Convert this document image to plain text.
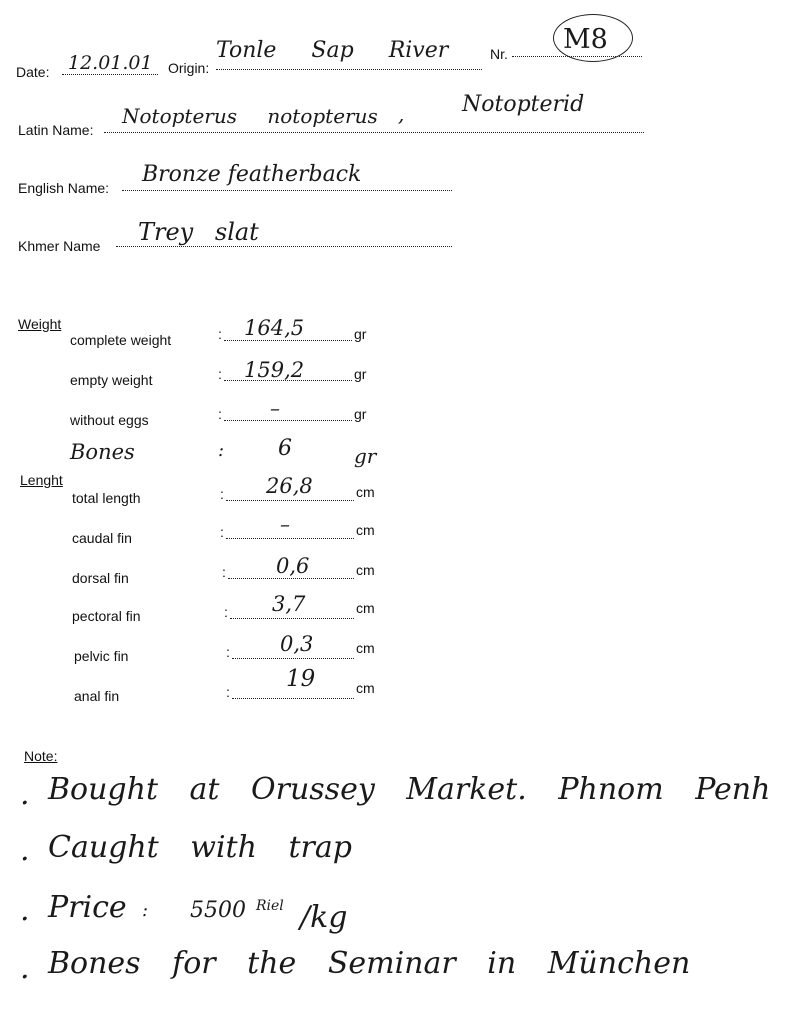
Date: 12.01.01 Origin:
Tonle Sap River	Nr. M8
Latin Name:
Notopterus notopterus ,	Notopterid
English Name:
Bronze featherback
Khmer Name Trey slat
Weight
complete weight	: 164,5	gr
empty weight	: 159,2	gr
without eggs	: –	gr
Bones	: 6	gr
Lenght
total length	: 26,8	cm
caudal fin	:	–	cm
dorsal fin	: 0,6	cm
pectoral fin	: 3,7	cm
pelvic fin	: 0,3	cm
anal fin	: 19	cm
Note:
. Bought at Orussey Market. Phnom Penh
. Caught with trap
. Price : 5500 Riel /kg
. Bones for the Seminar in München
